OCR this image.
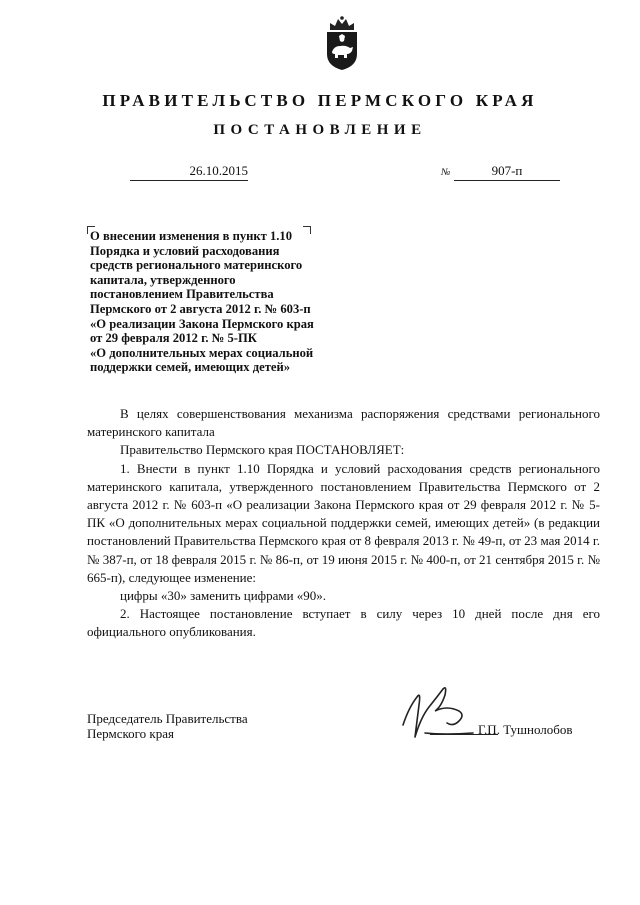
ПРАВИТЕЛЬСТВО ПЕРМСКОГО КРАЯ
ПОСТАНОВЛЕНИЕ
26.10.2015	№	907-п
О внесении изменения в пункт 1.10
Порядка и условий расходования
средств регионального материнского
капитала, утвержденного
постановлением Правительства
Пермского от 2 августа 2012 г. № 603-п
«О реализации Закона Пермского края
от 29 февраля 2012 г. № 5-ПК
«О дополнительных мерах социальной
поддержки семей, имеющих детей»

В целях совершенствования механизма распоряжения средствами регионального материнского капитала

Правительство Пермского края ПОСТАНОВЛЯЕТ:

1. Внести в пункт 1.10 Порядка и условий расходования средств регионального материнского капитала, утвержденного постановлением Правительства Пермского от 2 августа 2012 г. № 603-п «О реализации Закона Пермского края от 29 февраля 2012 г. № 5-ПК «О дополнительных мерах социальной поддержки семей, имеющих детей» (в редакции постановлений Правительства Пермского края от 8 февраля 2013 г. № 49-п, от 23 мая 2014 г. № 387-п, от 18 февраля 2015 г. № 86-п, от 19 июня 2015 г. № 400-п, от 21 сентября 2015 г. № 665-п), следующее изменение:

цифры «30» заменить цифрами «90».

2. Настоящее постановление вступает в силу через 10 дней после дня его официального опубликования.

Председатель Правительства
Пермского края	Г.П. Тушнолобов
